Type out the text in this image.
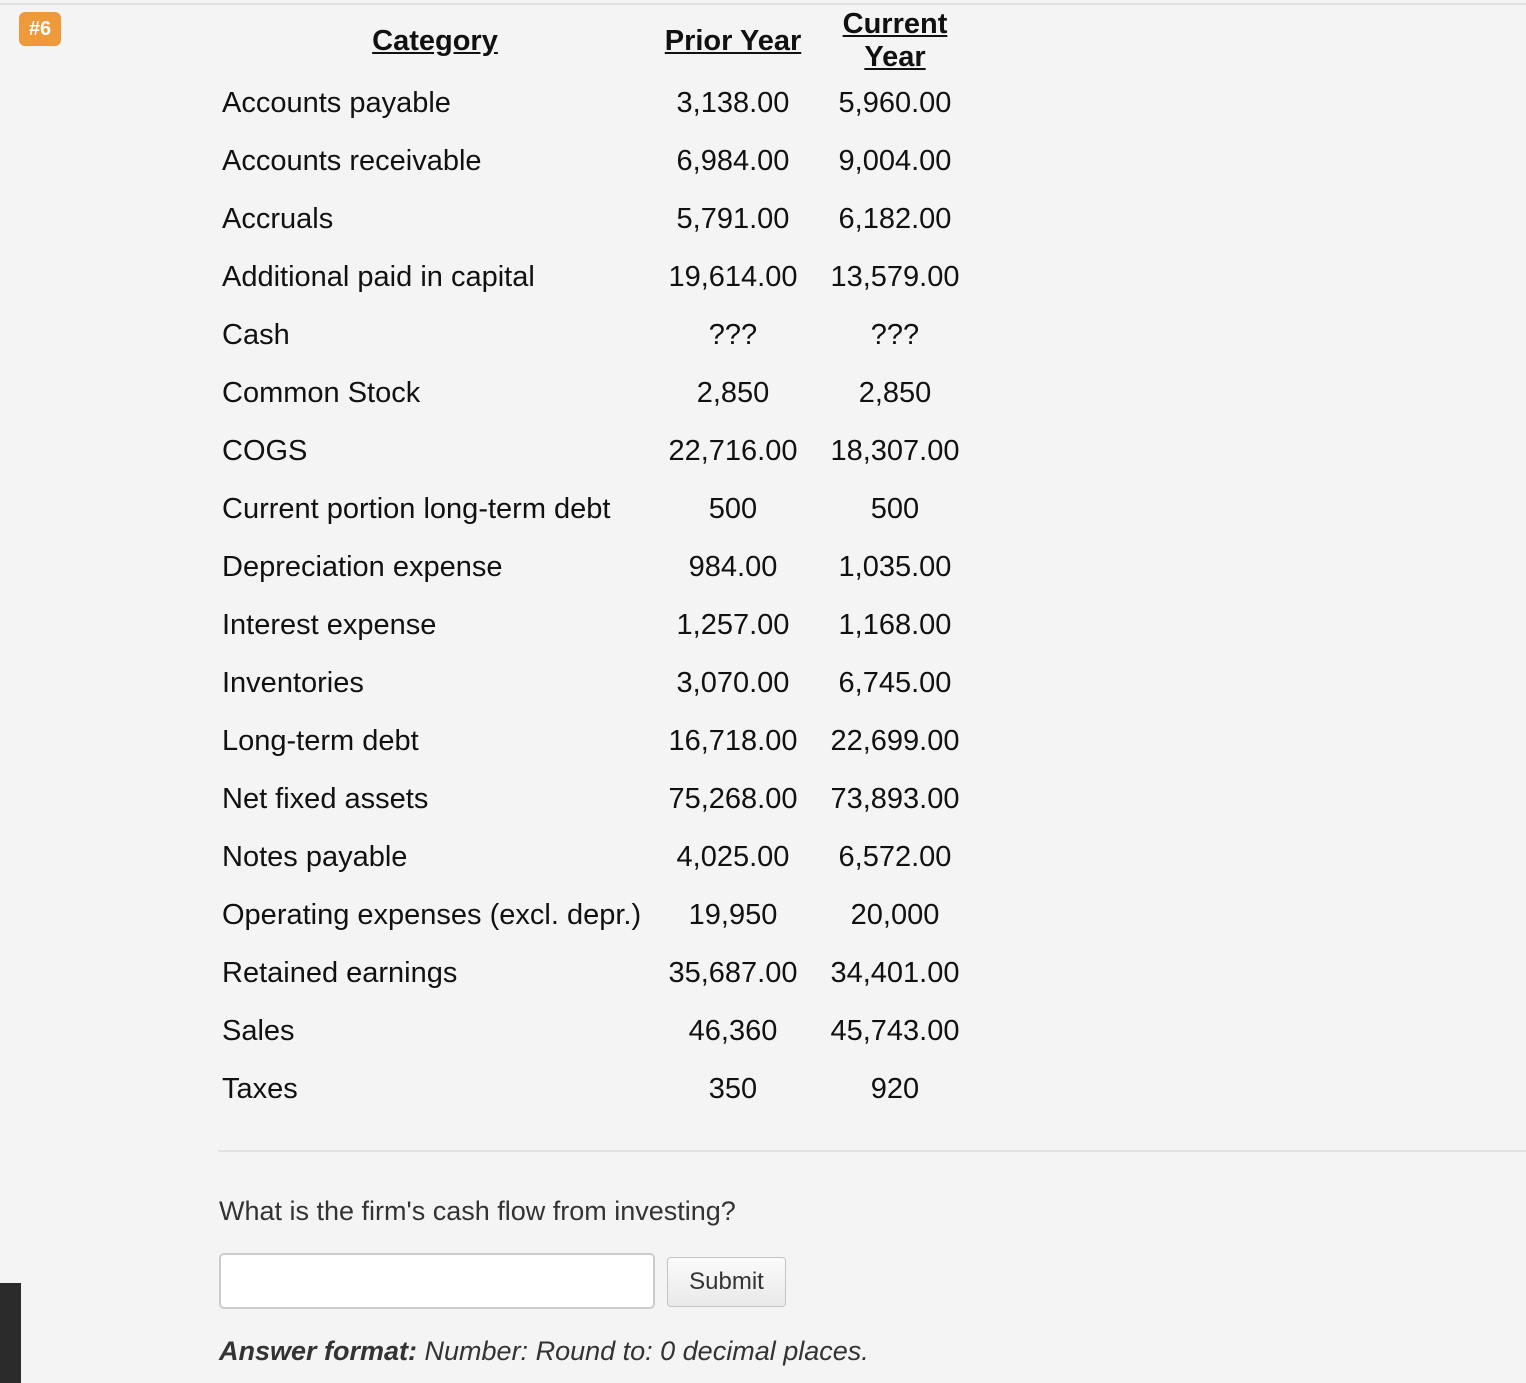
#6	Category	Prior Year	Current Year
Accounts payable	3,138.00	5,960.00
Accounts receivable	6,984.00	9,004.00
Accruals	5,791.00	6,182.00
Additional paid in capital	19,614.00	13,579.00
Cash	???	???
Common Stock	2,850	2,850
COGS	22,716.00	18,307.00
Current portion long-term debt	500	500
Depreciation expense	984.00	1,035.00
Interest expense	1,257.00	1,168.00
Inventories	3,070.00	6,745.00
Long-term debt	16,718.00	22,699.00
Net fixed assets	75,268.00	73,893.00
Notes payable	4,025.00	6,572.00
Operating expenses (excl. depr.)	19,950	20,000
Retained earnings	35,687.00	34,401.00
Sales	46,360	45,743.00
Taxes	350	920
What is the firm's cash flow from investing?
Submit
Answer format: Number: Round to: 0 decimal places.
